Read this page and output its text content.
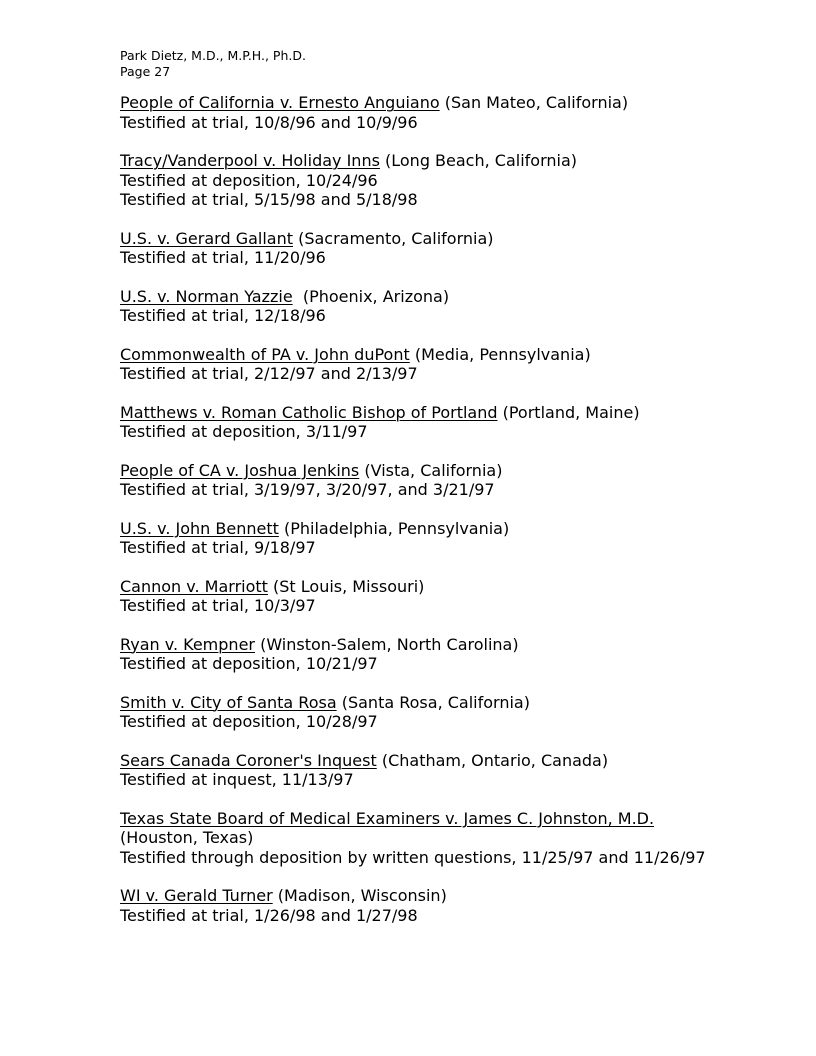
Park Dietz, M.D., M.P.H., Ph.D.
Page 27
People of California v. Ernesto Anguiano (San Mateo, California)
Testified at trial, 10/8/96 and 10/9/96
Tracy/Vanderpool v. Holiday Inns (Long Beach, California)
Testified at deposition, 10/24/96
Testified at trial, 5/15/98 and 5/18/98
U.S. v. Gerard Gallant (Sacramento, California)
Testified at trial, 11/20/96
U.S. v. Norman Yazzie  (Phoenix, Arizona)
Testified at trial, 12/18/96
Commonwealth of PA v. John duPont (Media, Pennsylvania)
Testified at trial, 2/12/97 and 2/13/97
Matthews v. Roman Catholic Bishop of Portland (Portland, Maine)
Testified at deposition, 3/11/97
People of CA v. Joshua Jenkins (Vista, California)
Testified at trial, 3/19/97, 3/20/97, and 3/21/97
U.S. v. John Bennett (Philadelphia, Pennsylvania)
Testified at trial, 9/18/97
Cannon v. Marriott (St Louis, Missouri)
Testified at trial, 10/3/97
Ryan v. Kempner (Winston-Salem, North Carolina)
Testified at deposition, 10/21/97
Smith v. City of Santa Rosa (Santa Rosa, California)
Testified at deposition, 10/28/97
Sears Canada Coroner's Inquest (Chatham, Ontario, Canada)
Testified at inquest, 11/13/97
Texas State Board of Medical Examiners v. James C. Johnston, M.D.
(Houston, Texas)
Testified through deposition by written questions, 11/25/97 and 11/26/97
WI v. Gerald Turner (Madison, Wisconsin)
Testified at trial, 1/26/98 and 1/27/98
